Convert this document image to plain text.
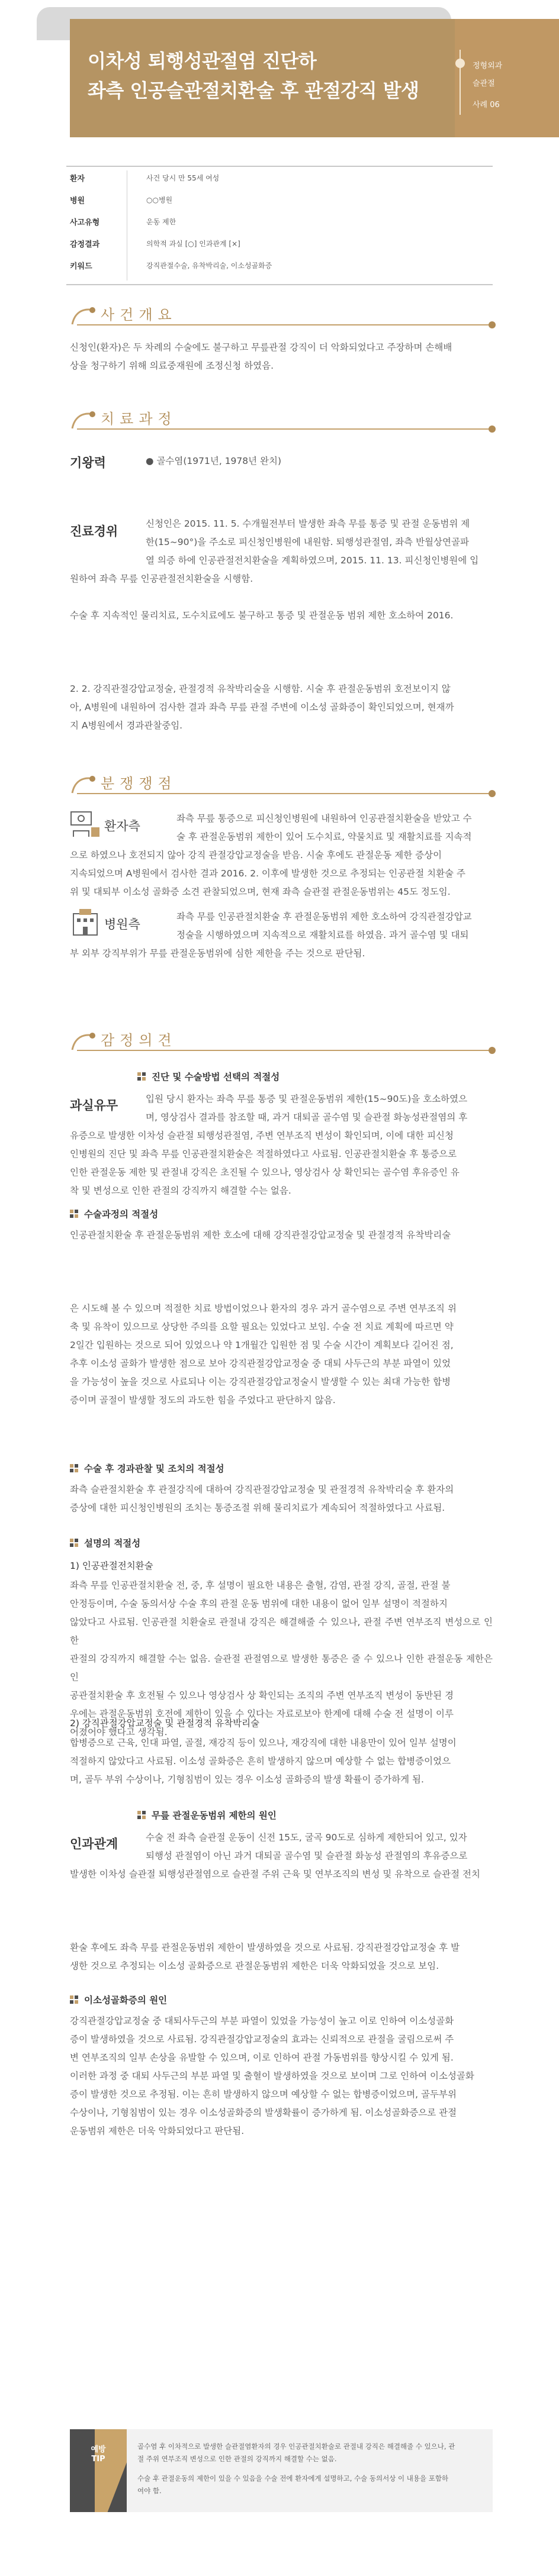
이차성 퇴행성관절염 진단하
좌측 인공슬관절치환술 후 관절강직 발생
정형외과
슬관절
사례 06
환자	사건 당시 만 55세 여성
병원	○○병원
사고유형	운동 제한
감정결과	의학적 과실 [○] 인과관계 [×]
키워드	강직관절수술, 유착박리술, 이소성골화증
사건개요
신청인(환자)은 두 차례의 수술에도 불구하고 무릎관절 강직이 더 악화되었다고 주장하며 손해배
상을 청구하기 위해 의료중재원에 조정신청 하였음.
치료과정
기왕력	● 골수염(1971년, 1978년 완치)
진료경위
신청인은 2015. 11. 5. 수개월전부터 발생한 좌측 무릎 통증 및 관절 운동범위 제
한(15~90°)을 주소로 피신청인병원에 내원함. 퇴행성관절염, 좌측 반월상연골파
열 의증 하에 인공관절전치환술을 계획하였으며, 2015. 11. 13. 피신청인병원에 입
원하여 좌측 무릎 인공관절전치환술을 시행함.
수술 후 지속적인 물리치료, 도수치료에도 불구하고 통증 및 관절운동 범위 제한 호소하여 2016.
2. 2. 강직관절강압교정술, 관절경적 유착박리술을 시행함. 시술 후 관절운동범위 호전보이지 않
아, A병원에 내원하여 검사한 결과 좌측 무릎 관절 주변에 이소성 골화증이 확인되었으며, 현재까
지 A병원에서 경과관찰중임.
분쟁쟁점
환자측
좌측 무릎 통증으로 피신청인병원에 내원하여 인공관절치환술을 받았고 수
술 후 관절운동범위 제한이 있어 도수치료, 약물치료 및 재활치료를 지속적
으로 하였으나 호전되지 않아 강직 관절강압교정술을 받음. 시술 후에도 관절운동 제한 증상이
지속되었으며 A병원에서 검사한 결과 2016. 2. 이후에 발생한 것으로 추정되는 인공관절 치환술 주
위 및 대퇴부 이소성 골화증 소견 관찰되었으며, 현재 좌측 슬관절 관절운동범위는 45도 정도임.
병원측
좌측 무릎 인공관절치환술 후 관절운동범위 제한 호소하여 강직관절강압교
정술을 시행하였으며 지속적으로 재활치료를 하였음. 과거 골수염 및 대퇴
부 외부 강직부위가 무릎 관절운동범위에 심한 제한을 주는 것으로 판단됨.
감정의견
과실유무
진단 및 수술방법 선택의 적절성
입원 당시 환자는 좌측 무릎 통증 및 관절운동범위 제한(15~90도)을 호소하였으
며, 영상검사 결과를 참조할 때, 과거 대퇴골 골수염 및 슬관절 화농성관절염의 후
유증으로 발생한 이차성 슬관절 퇴행성관절염, 주변 연부조직 변성이 확인되며, 이에 대한 피신청
인병원의 진단 및 좌측 무릎 인공관절치환술은 적절하였다고 사료됨. 인공관절치환술 후 통증으로
인한 관절운동 제한 및 관절내 강직은 초진될 수 있으나, 영상검사 상 확인되는 골수염 후유증인 유
착 및 변성으로 인한 관절의 강직까지 해결할 수는 없음.
수술과정의 적절성
인공관절치환술 후 관절운동범위 제한 호소에 대해 강직관절강압교정술 및 관절경적 유착박리술
은 시도해 볼 수 있으며 적절한 치료 방법이었으나 환자의 경우 과거 골수염으로 주변 연부조직 위
축 및 유착이 있으므로 상당한 주의를 요할 필요는 있었다고 보임. 수술 전 치료 계획에 따르면 약
2일간 입원하는 것으로 되어 있었으나 약 1개월간 입원한 점 및 수술 시간이 계획보다 길어진 점,
추후 이소성 골화가 발생한 점으로 보아 강직관절강압교정술 중 대퇴 사두근의 부분 파열이 있었
을 가능성이 높을 것으로 사료되나 이는 강직관절강압교정술시 발생할 수 있는 최대 가능한 합병
증이며 골절이 발생할 정도의 과도한 힘을 주었다고 판단하지 않음.
수술 후 경과관찰 및 조치의 적절성
좌측 슬관절치환술 후 관절강직에 대하여 강직관절강압교정술 및 관절경적 유착박리술 후 환자의
증상에 대한 피신청인병원의 조치는 통증조절 위해 물리치료가 계속되어 적절하였다고 사료됨.
설명의 적절성
1) 인공관절전치환술
좌측 무릎 인공관절치환술 전, 중, 후 설명이 필요한 내용은 출혈, 감염, 관절 강직, 골절, 관절 불
안정등이며, 수술 동의서상 수술 후의 관절 운동 범위에 대한 내용이 없어 일부 설명이 적절하지
않았다고 사료됨. 인공관절 치환술로 관절내 강직은 해결해줄 수 있으나, 관절 주변 연부조직 변성으로 인한
관절의 강직까지 해결할 수는 없음. 슬관절 관절염으로 발생한 통증은 줄 수 있으나 인한 관절운동 제한은 인
공관절치환술 후 호전될 수 있으나 영상검사 상 확인되는 조직의 주변 연부조직 변성이 동반된 경
우에는 관절운동범위 호전에 제한이 있을 수 있다는 자료로보아 한계에 대해 수술 전 설명이 이루
어졌어야 했다고 생각됨.
2) 강직관절강압교정술 및 관절경적 유착박리술
합병증으로 근육, 인대 파열, 골절, 재강직 등이 있으나, 재강직에 대한 내용만이 있어 일부 설명이
적절하지 않았다고 사료됨. 이소성 골화증은 흔히 발생하지 않으며 예상할 수 없는 합병증이었으
며, 골두 부위 수상이나, 기형침범이 있는 경우 이소성 골화증의 발생 확률이 증가하게 됨.
인과관계
무릎 관절운동범위 제한의 원인
수술 전 좌측 슬관절 운동이 신전 15도, 굴곡 90도로 심하게 제한되어 있고, 있자
퇴행성 관절염이 아닌 과거 대퇴골 골수염 및 슬관절 화농성 관절염의 후유증으로
발생한 이차성 슬관절 퇴행성관절염으로 슬관절 주위 근육 및 연부조직의 변성 및 유착으로 슬관절 전치
환술 후에도 좌측 무릎 관절운동범위 제한이 발생하였을 것으로 사료됨. 강직관절강압교정술 후 발
생한 것으로 추정되는 이소성 골화증으로 관절운동범위 제한은 더욱 악화되었을 것으로 보임.
이소성골화증의 원인
강직관절강압교정술 중 대퇴사두근의 부분 파열이 있었을 가능성이 높고 이로 인하여 이소성골화
증이 발생하였을 것으로 사료됨. 강직관절강압교정술의 효과는 신뢰적으로 관절을 굴림으로써 주
변 연부조직의 일부 손상을 유발할 수 있으며, 이로 인하여 관절 가동범위를 향상시킬 수 있게 됨.
이러한 과정 중 대퇴 사두근의 부분 파열 및 출혈이 발생하였을 것으로 보이며 그로 인하여 이소성골화
증이 발생한 것으로 추정됨. 이는 흔히 발생하지 않으며 예상할 수 없는 합병증이었으며, 골두부위
수상이나, 기형침범이 있는 경우 이소성골화증의 발생확률이 증가하게 됨. 이소성골화증으로 관절
운동범위 제한은 더욱 악화되었다고 판단됨.
예방
TIP
골수염 후 이차적으로 발생한 슬관절염환자의 경우 인공관절치환술로 관절내 강직은 해결해줄 수 있으나, 관
절 주위 연부조직 변성으로 인한 관절의 강직까지 해결할 수는 없음.
수술 후 관절운동의 제한이 있을 수 있음을 수술 전에 환자에게 설명하고, 수술 동의서상 이 내용을 포함하
여야 함.
